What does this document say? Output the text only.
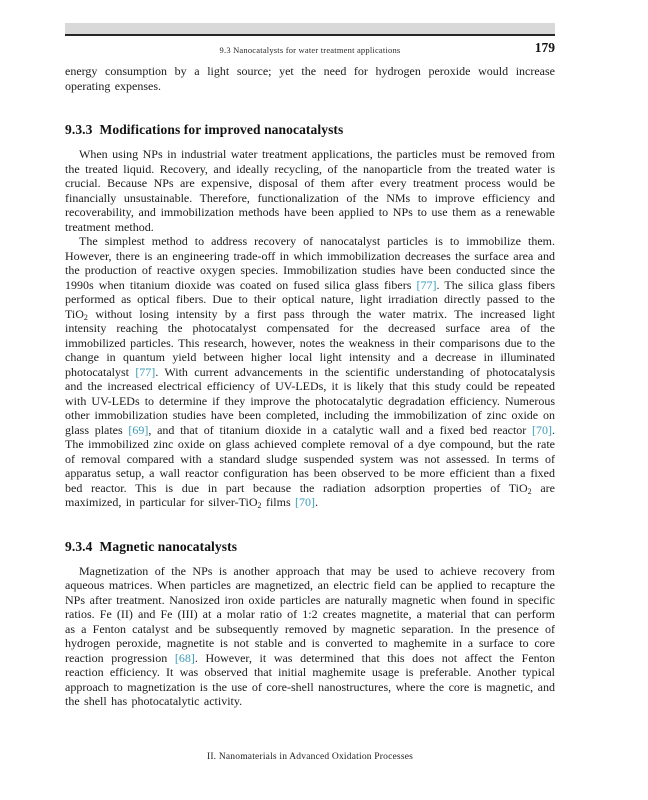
9.3 Nanocatalysts for water treatment applications	179

energy consumption by a light source; yet the need for hydrogen peroxide would increase operating expenses.

9.3.3 Modifications for improved nanocatalysts

When using NPs in industrial water treatment applications, the particles must be removed from the treated liquid. Recovery, and ideally recycling, of the nanoparticle from the treated water is crucial. Because NPs are expensive, disposal of them after every treatment process would be financially unsustainable. Therefore, functionalization of the NMs to improve efficiency and recoverability, and immobilization methods have been applied to NPs to use them as a renewable treatment method.

The simplest method to address recovery of nanocatalyst particles is to immobilize them. However, there is an engineering trade-off in which immobilization decreases the surface area and the production of reactive oxygen species. Immobilization studies have been conducted since the 1990s when titanium dioxide was coated on fused silica glass fibers [77]. The silica glass fibers performed as optical fibers. Due to their optical nature, light irradiation directly passed to the TiO$_2$ without losing intensity by a first pass through the water matrix. The increased light intensity reaching the photocatalyst compensated for the decreased surface area of the immobilized particles. This research, however, notes the weakness in their comparisons due to the change in quantum yield between higher local light intensity and a decrease in illuminated photocatalyst [77]. With current advancements in the scientific understanding of photocatalysis and the increased electrical efficiency of UV-LEDs, it is likely that this study could be repeated with UV-LEDs to determine if they improve the photocatalytic degradation efficiency. Numerous other immobilization studies have been completed, including the immobilization of zinc oxide on glass plates [69], and that of titanium dioxide in a catalytic wall and a fixed bed reactor [70]. The immobilized zinc oxide on glass achieved complete removal of a dye compound, but the rate of removal compared with a standard sludge suspended system was not assessed. In terms of apparatus setup, a wall reactor configuration has been observed to be more efficient than a fixed bed reactor. This is due in part because the radiation adsorption properties of TiO$_2$ are maximized, in particular for silver-TiO$_2$ films [70].

9.3.4 Magnetic nanocatalysts

Magnetization of the NPs is another approach that may be used to achieve recovery from aqueous matrices. When particles are magnetized, an electric field can be applied to recapture the NPs after treatment. Nanosized iron oxide particles are naturally magnetic when found in specific ratios. Fe (II) and Fe (III) at a molar ratio of 1:2 creates magnetite, a material that can perform as a Fenton catalyst and be subsequently removed by magnetic separation. In the presence of hydrogen peroxide, magnetite is not stable and is converted to maghemite in a surface to core reaction progression [68]. However, it was determined that this does not affect the Fenton reaction efficiency. It was observed that initial maghemite usage is preferable. Another typical approach to magnetization is the use of core-shell nanostructures, where the core is magnetic, and the shell has photocatalytic activity.

II. Nanomaterials in Advanced Oxidation Processes
